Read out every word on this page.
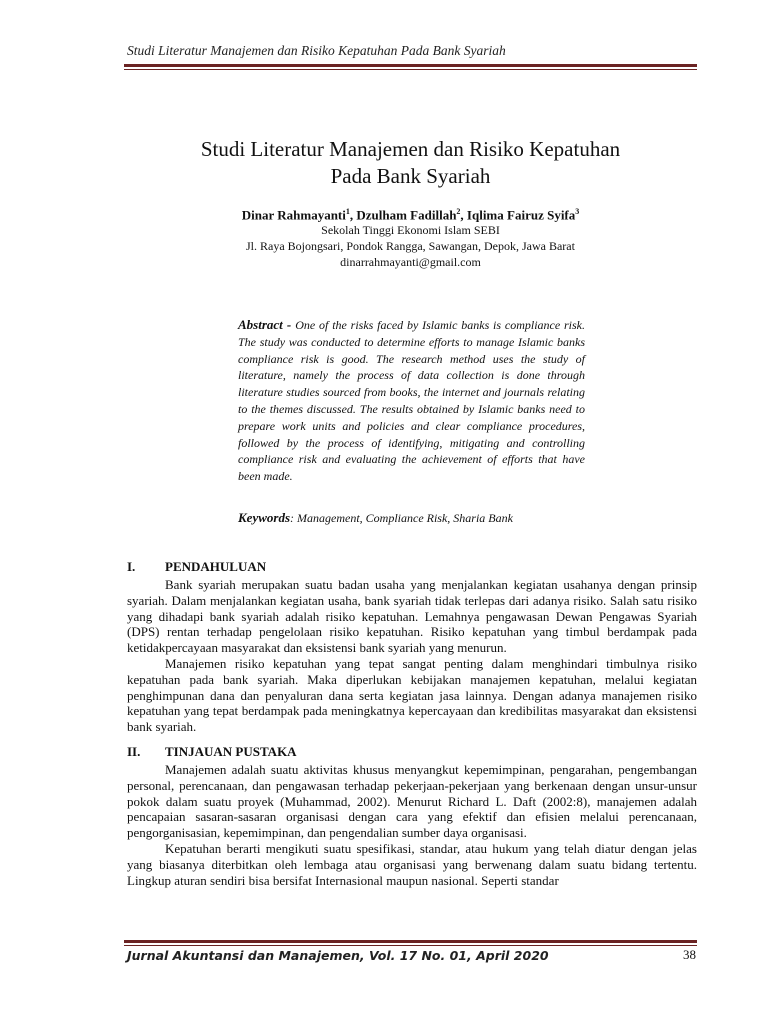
Studi Literatur Manajemen dan Risiko Kepatuhan Pada Bank Syariah
Studi Literatur Manajemen dan Risiko Kepatuhan
Pada Bank Syariah
Dinar Rahmayanti$^1$, Dzulham Fadillah$^2$, Iqlima Fairuz Syifa$^3$
Sekolah Tinggi Ekonomi Islam SEBI
Jl. Raya Bojongsari, Pondok Rangga, Sawangan, Depok, Jawa Barat
dinarrahmayanti@gmail.com
Abstract - One of the risks faced by Islamic banks is compliance risk. The study was conducted to determine efforts to manage Islamic banks compliance risk is good. The research method uses the study of literature, namely the process of data collection is done through literature studies sourced from books, the internet and journals relating to the themes discussed. The results obtained by Islamic banks need to prepare work units and policies and clear compliance procedures, followed by the process of identifying, mitigating and controlling compliance risk and evaluating the achievement of efforts that have been made.
Keywords: Management, Compliance Risk, Sharia Bank
I. PENDAHULUAN

Bank syariah merupakan suatu badan usaha yang menjalankan kegiatan usahanya dengan prinsip syariah. Dalam menjalankan kegiatan usaha, bank syariah tidak terlepas dari adanya risiko. Salah satu risiko yang dihadapi bank syariah adalah risiko kepatuhan. Lemahnya pengawasan Dewan Pengawas Syariah (DPS) rentan terhadap pengelolaan risiko kepatuhan. Risiko kepatuhan yang timbul berdampak pada ketidakpercayaan masyarakat dan eksistensi bank syariah yang menurun.

Manajemen risiko kepatuhan yang tepat sangat penting dalam menghindari timbulnya risiko kepatuhan pada bank syariah. Maka diperlukan kebijakan manajemen kepatuhan, melalui kegiatan penghimpunan dana dan penyaluran dana serta kegiatan jasa lainnya. Dengan adanya manajemen risiko kepatuhan yang tepat berdampak pada meningkatnya kepercayaan dan kredibilitas masyarakat dan eksistensi bank syariah.

II. TINJAUAN PUSTAKA

Manajemen adalah suatu aktivitas khusus menyangkut kepemimpinan, pengarahan, pengembangan personal, perencanaan, dan pengawasan terhadap pekerjaan-pekerjaan yang berkenaan dengan unsur-unsur pokok dalam suatu proyek (Muhammad, 2002). Menurut Richard L. Daft (2002:8), manajemen adalah pencapaian sasaran-sasaran organisasi dengan cara yang efektif dan efisien melalui perencanaan, pengorganisasian, kepemimpinan, dan pengendalian sumber daya organisasi.

Kepatuhan berarti mengikuti suatu spesifikasi, standar, atau hukum yang telah diatur dengan jelas yang biasanya diterbitkan oleh lembaga atau organisasi yang berwenang dalam suatu bidang tertentu. Lingkup aturan sendiri bisa bersifat Internasional maupun nasional. Seperti standar

Jurnal Akuntansi dan Manajemen, Vol. 17 No. 01, April 2020	38
